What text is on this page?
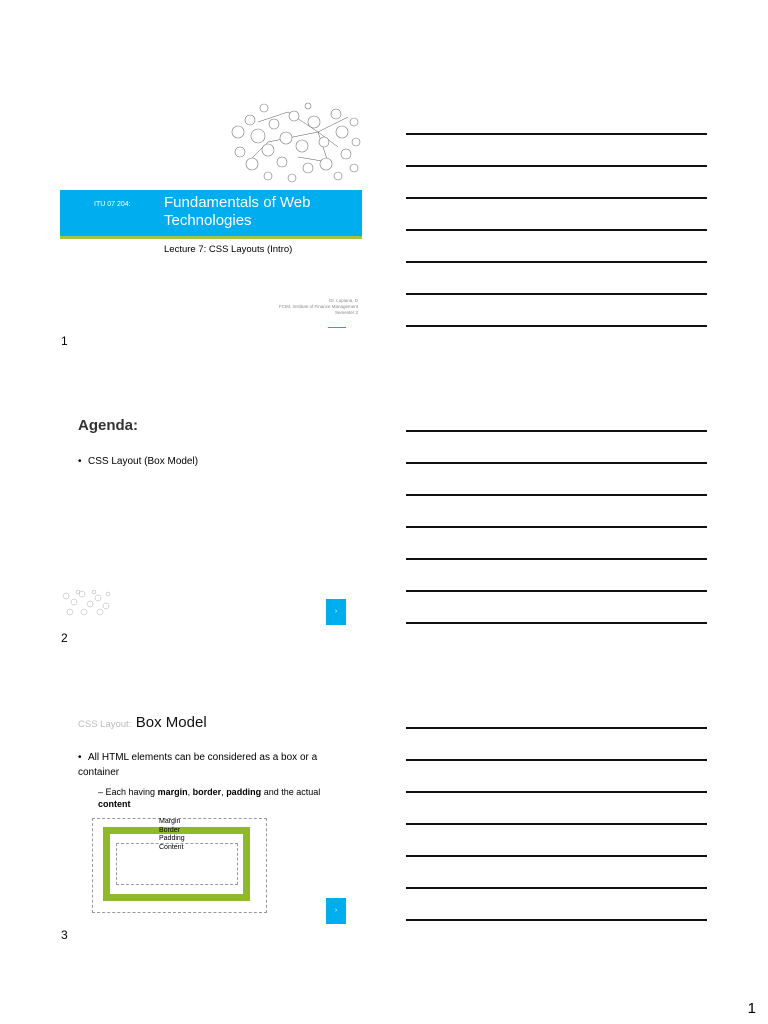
ITU 07 204: Fundamentals of Web Technologies
Lecture 7: CSS Layouts (Intro)
Dr. Lupiana, D
FCIM, Institute of Finance Management
Semester 2
1
Agenda:
• CSS Layout (Box Model)
›
2
CSS Layout: Box Model
• All HTML elements can be considered as a box or a container
– Each having margin, border, padding and the actual content
Margin
Border
Padding
Content
›
3
1
